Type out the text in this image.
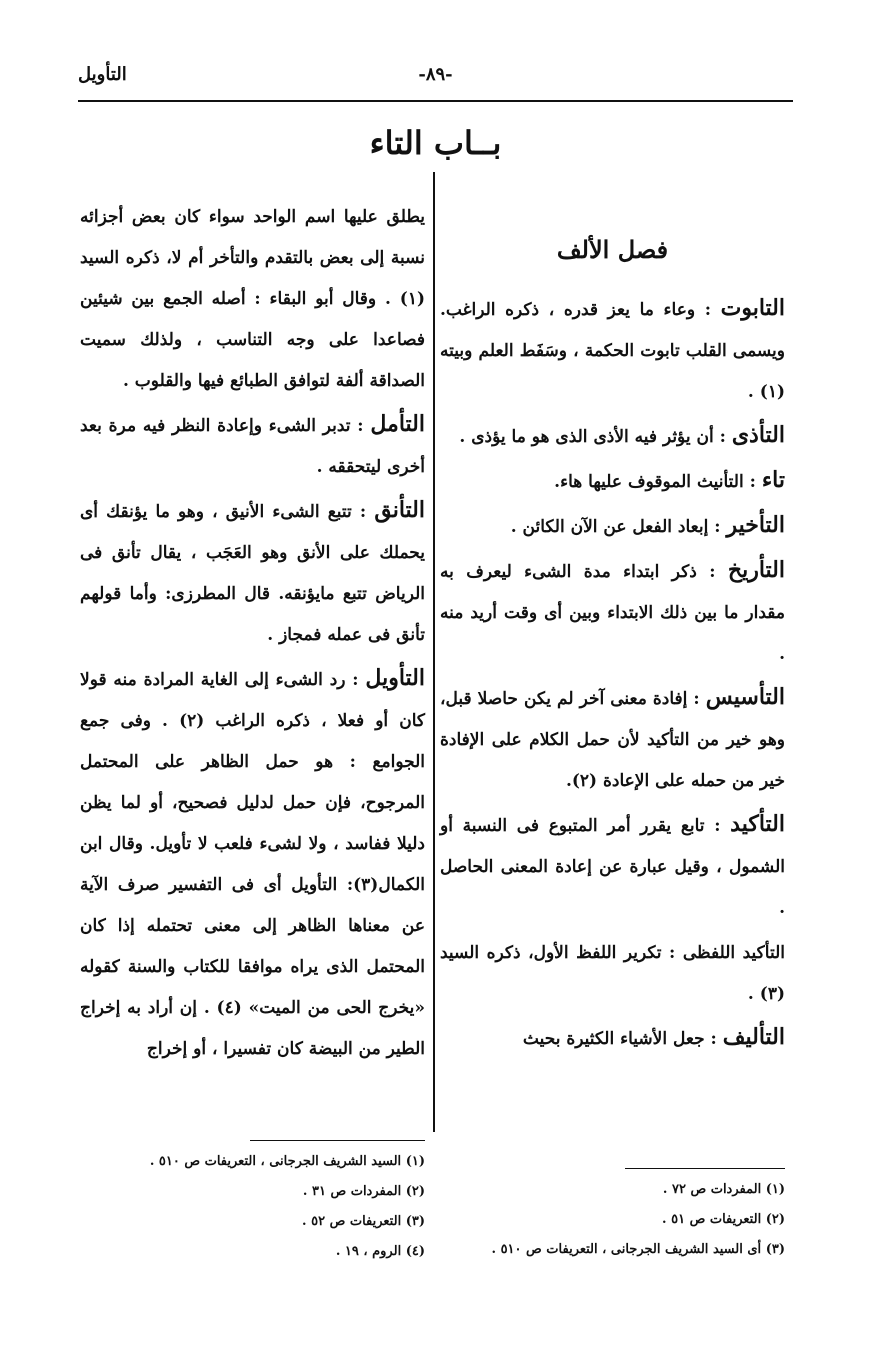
التأويل	-٨٩-
بــاب التاء
فصل الألف
التابوت : وعاء ما يعز قدره ، ذكره الراغب. ويسمى القلب تابوت الحكمة ، وسَفَط العلم وبيته (١) .
التأذى : أن يؤثر فيه الأذى الذى هو ما يؤذى .
تاء : التأنيث الموقوف عليها هاء.
التأخير : إبعاد الفعل عن الآن الكائن .
التأريخ : ذكر ابتداء مدة الشىء ليعرف به مقدار ما بين ذلك الابتداء وبين أى وقت أريد منه .
التأسيس : إفادة معنى آخر لم يكن حاصلا قبل، وهو خير من التأكيد لأن حمل الكلام على الإفادة خير من حمله على الإعادة (٢).
التأكيد : تابع يقرر أمر المتبوع فى النسبة أو الشمول ، وقيل عبارة عن إعادة المعنى الحاصل .
التأكيد اللفظى : تكرير اللفظ الأول، ذكره السيد (٣) .
التأليف : جعل الأشياء الكثيرة بحيث
يطلق عليها اسم الواحد سواء كان بعض أجزائه نسبة إلى بعض بالتقدم والتأخر أم لا، ذكره السيد (١) . وقال أبو البقاء : أصله الجمع بين شيئين فصاعدا على وجه التناسب ، ولذلك سميت الصداقة ألفة لتوافق الطبائع فيها والقلوب .
التأمل : تدبر الشىء وإعادة النظر فيه مرة بعد أخرى ليتحققه .
التأنق : تتبع الشىء الأنيق ، وهو ما يؤنقك أى يحملك على الأنق وهو العَجَب ، يقال تأنق فى الرياض تتبع مايؤنقه. قال المطرزى: وأما قولهم تأنق فى عمله فمجاز .
التأويل : رد الشىء إلى الغاية المرادة منه قولا كان أو فعلا ، ذكره الراغب (٢) . وفى جمع الجوامع : هو حمل الظاهر على المحتمل المرجوح، فإن حمل لدليل فصحيح، أو لما يظن دليلا ففاسد ، ولا لشىء فلعب لا تأويل. وقال ابن الكمال(٣): التأويل أى فى التفسير صرف الآية عن معناها الظاهر إلى معنى تحتمله إذا كان المحتمل الذى يراه موافقا للكتاب والسنة كقوله «يخرج الحى من الميت» (٤) . إن أراد به إخراج الطير من البيضة كان تفسيرا ، أو إخراج
(١) المفردات ص ٧٢ .
(٢) التعريفات ص ٥١ .
(٣) أى السيد الشريف الجرجانى ، التعريفات ص ٥١٠ .
(١) السيد الشريف الجرجانى ، التعريفات ص ٥١٠ .
(٢) المفردات ص ٣١ .
(٣) التعريفات ص ٥٢ .
(٤) الروم ، ١٩ .
